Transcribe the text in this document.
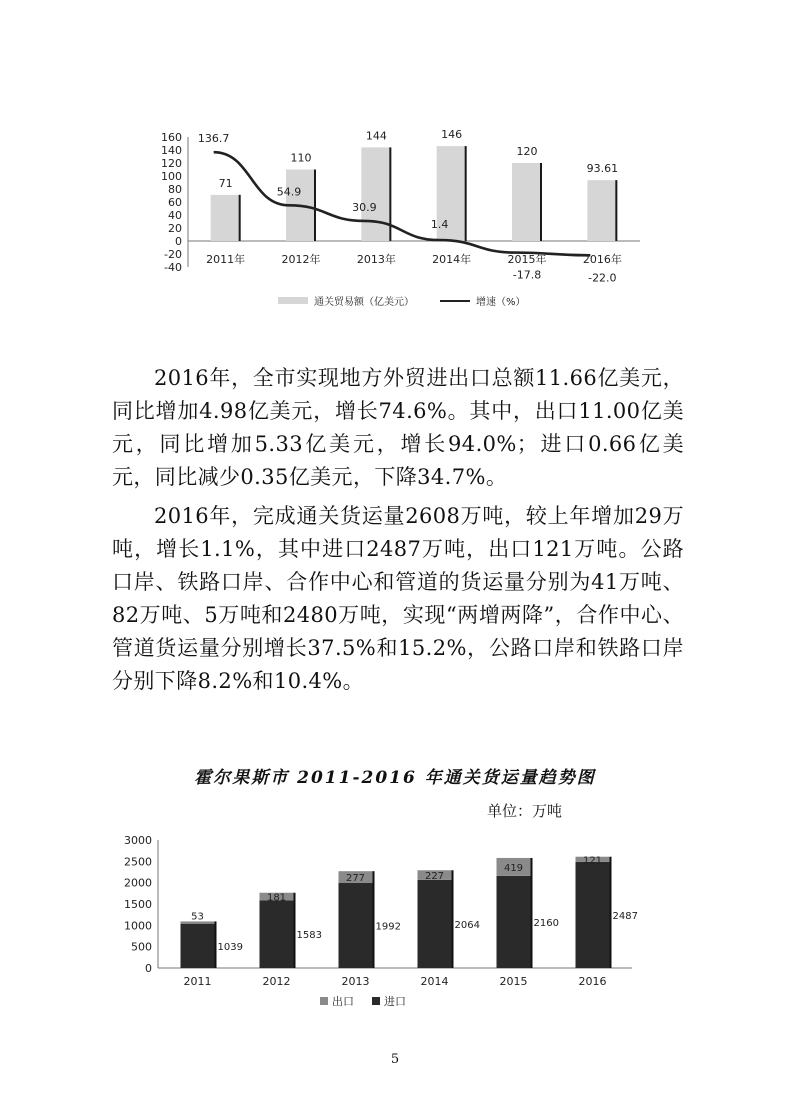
160
140
120
100
80
60
40
20
0
-20
-40
71
110
144	146
120
93.61
136.7
54.9
30.9
1.4
-17.8	-22.0
2011年	2012年	2013年	2014年	2015年	2016年
通关贸易额（亿美元）	增速（%）

2016年，全市实现地方外贸进出口总额11.66亿美元，同比增加4.98亿美元，增长74.6%。其中，出口11.00亿美元，同比增加5.33亿美元，增长94.0%；进口0.66亿美元，同比减少0.35亿美元，下降34.7%。

2016年，完成通关货运量2608万吨，较上年增加29万吨，增长1.1%，其中进口2487万吨，出口121万吨。公路口岸、铁路口岸、合作中心和管道的货运量分别为41万吨、82万吨、5万吨和2480万吨，实现“两增两降”，合作中心、管道货运量分别增长37.5%和15.2%，公路口岸和铁路口岸分别下降8.2%和10.4%。

霍尔果斯市 2011-2016 年通关货运量趋势图
单位：万吨
3000
2500
2000
1500
1000
500
0
1039
53
2011
1583
181
2012
1992
277
2013
2064
227
2014
2160
419
2015
2487
121
2016
出口	进口
5
